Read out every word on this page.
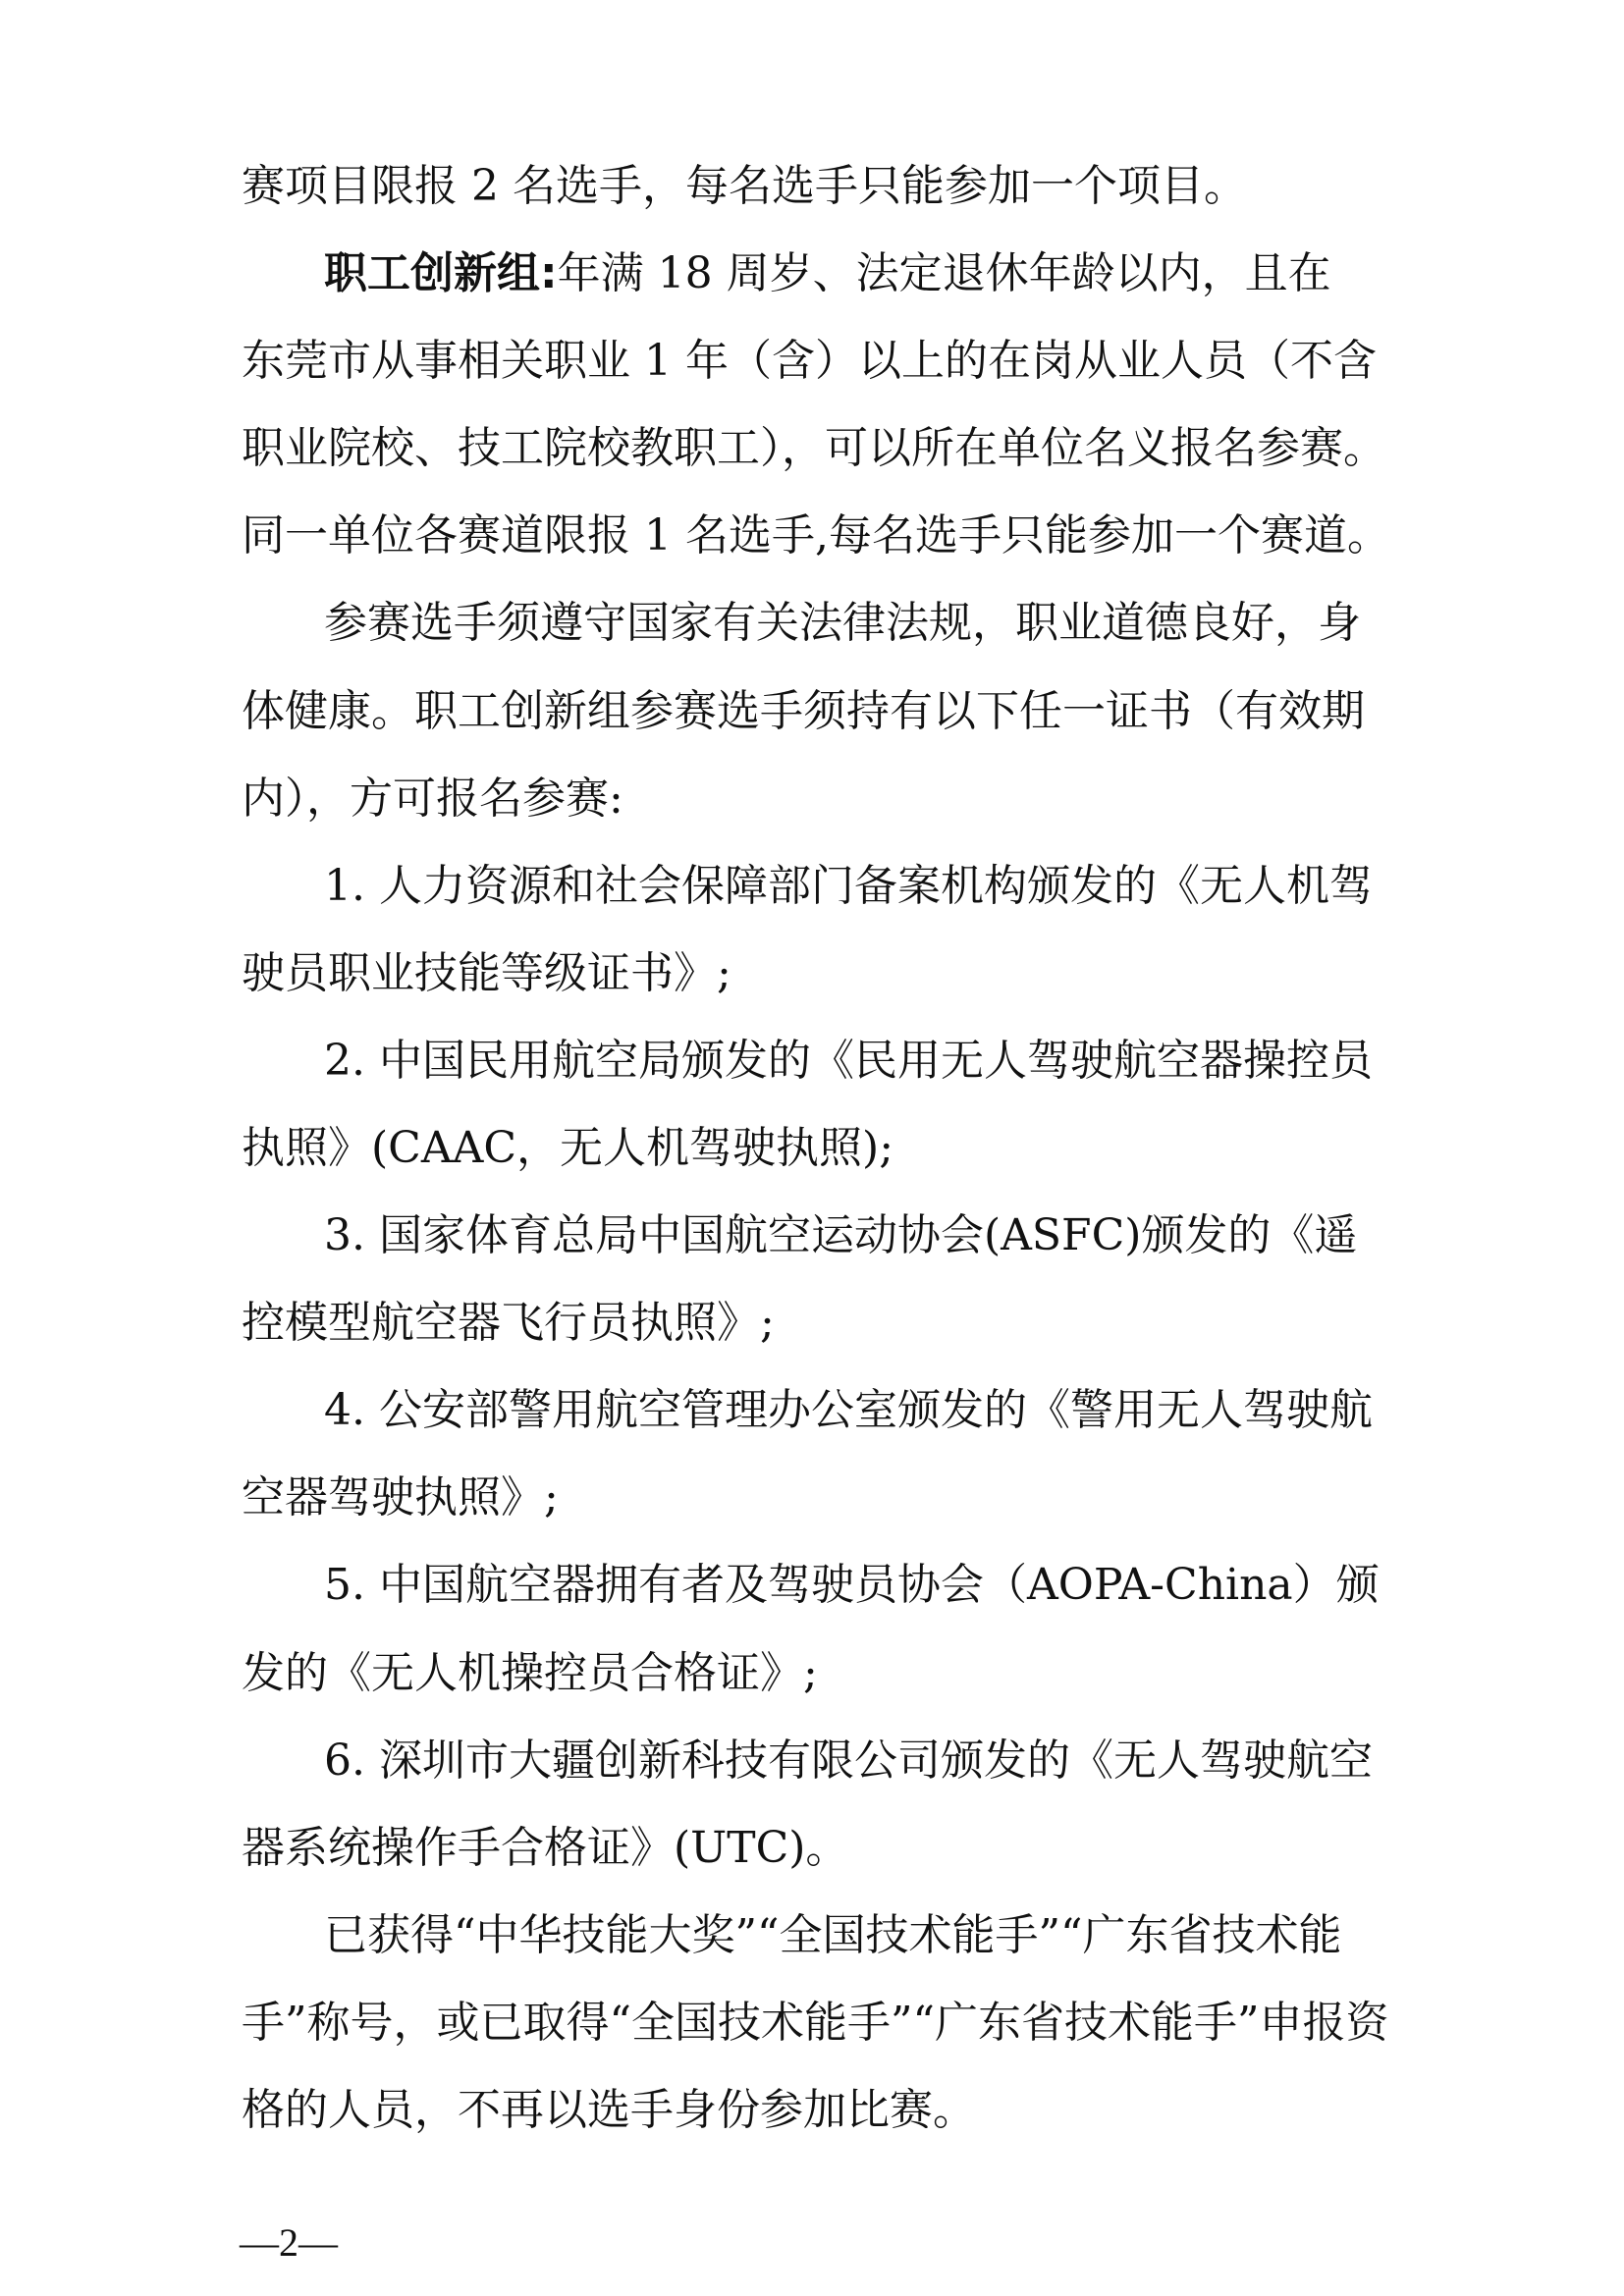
赛项目限报 2 名选手，每名选手只能参加一个项目。
职工创新组:年满 18 周岁、法定退休年龄以内，且在
东莞市从事相关职业 1 年（含）以上的在岗从业人员（不含
职业院校、技工院校教职工），可以所在单位名义报名参赛。
同一单位各赛道限报 1 名选手,每名选手只能参加一个赛道。
参赛选手须遵守国家有关法律法规，职业道德良好，身
体健康。职工创新组参赛选手须持有以下任一证书（有效期
内），方可报名参赛:
1. 人力资源和社会保障部门备案机构颁发的《无人机驾
驶员职业技能等级证书》;
2. 中国民用航空局颁发的《民用无人驾驶航空器操控员
执照》(CAAC，无人机驾驶执照);
3. 国家体育总局中国航空运动协会(ASFC)颁发的《遥
控模型航空器飞行员执照》;
4. 公安部警用航空管理办公室颁发的《警用无人驾驶航
空器驾驶执照》;
5. 中国航空器拥有者及驾驶员协会（AOPA-China）颁
发的《无人机操控员合格证》;
6. 深圳市大疆创新科技有限公司颁发的《无人驾驶航空
器系统操作手合格证》(UTC)。
已获得“中华技能大奖”“全国技术能手”“广东省技术能
手”称号，或已取得“全国技术能手”“广东省技术能手”申报资
格的人员，不再以选手身份参加比赛。
—2—
